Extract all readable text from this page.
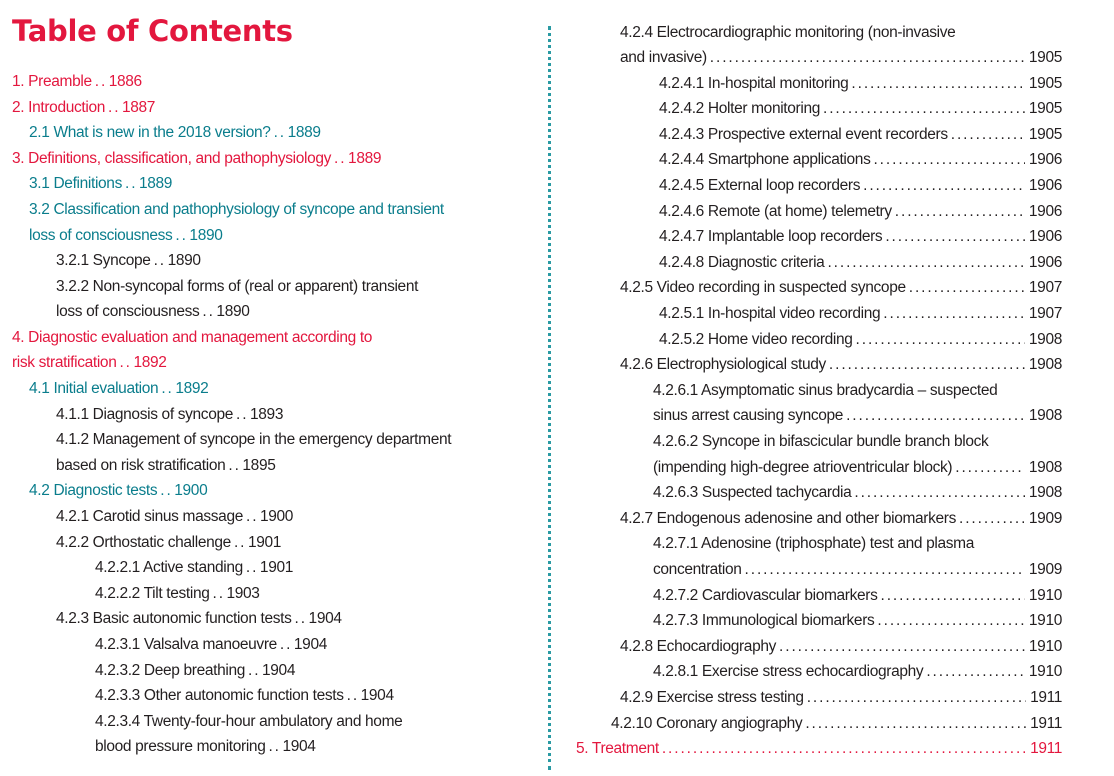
Table of Contents
1. Preamble . . . 1886
2. Introduction . . . 1887
2.1 What is new in the 2018 version? . . . 1889
3. Definitions, classification, and pathophysiology . . . 1889
3.1 Definitions . . . 1889
3.2 Classification and pathophysiology of syncope and transient
loss of consciousness . . . 1890
3.2.1 Syncope . . . 1890
3.2.2 Non-syncopal forms of (real or apparent) transient
loss of consciousness . . . 1890
4. Diagnostic evaluation and management according to
risk stratification . . . 1892
4.1 Initial evaluation . . . 1892
4.1.1 Diagnosis of syncope . . . 1893
4.1.2 Management of syncope in the emergency department
based on risk stratification . . . 1895
4.2 Diagnostic tests . . . 1900
4.2.1 Carotid sinus massage . . . 1900
4.2.2 Orthostatic challenge . . . 1901
4.2.2.1 Active standing . . . 1901
4.2.2.2 Tilt testing . . . 1903
4.2.3 Basic autonomic function tests . . . 1904
4.2.3.1 Valsalva manoeuvre . . . 1904
4.2.3.2 Deep breathing . . . 1904
4.2.3.3 Other autonomic function tests . . . 1904
4.2.3.4 Twenty-four-hour ambulatory and home
blood pressure monitoring . . . 1904
4.2.4 Electrocardiographic monitoring (non-invasive
and invasive) . . .	1905
4.2.4.1 In-hospital monitoring . . .	1905
4.2.4.2 Holter monitoring . . .	1905
4.2.4.3 Prospective external event recorders . . .	1905
4.2.4.4 Smartphone applications . . .	1906
4.2.4.5 External loop recorders . . .	1906
4.2.4.6 Remote (at home) telemetry . . .	1906
4.2.4.7 Implantable loop recorders . . .	1906
4.2.4.8 Diagnostic criteria . . .	1906
4.2.5 Video recording in suspected syncope . . .	1907
4.2.5.1 In-hospital video recording . . .	1907
4.2.5.2 Home video recording . . .	1908
4.2.6 Electrophysiological study . . .	1908
4.2.6.1 Asymptomatic sinus bradycardia – suspected
sinus arrest causing syncope . . .	1908
4.2.6.2 Syncope in bifascicular bundle branch block
(impending high-degree atrioventricular block) . . .	1908
4.2.6.3 Suspected tachycardia . . .	1908
4.2.7 Endogenous adenosine and other biomarkers . . .	1909
4.2.7.1 Adenosine (triphosphate) test and plasma
concentration . . .	1909
4.2.7.2 Cardiovascular biomarkers . . .	1910
4.2.7.3 Immunological biomarkers . . .	1910
4.2.8 Echocardiography . . .	1910
4.2.8.1 Exercise stress echocardiography . . .	1910
4.2.9 Exercise stress testing . . .	1911
4.2.10 Coronary angiography . . .	1911
5. Treatment . . .	1911
